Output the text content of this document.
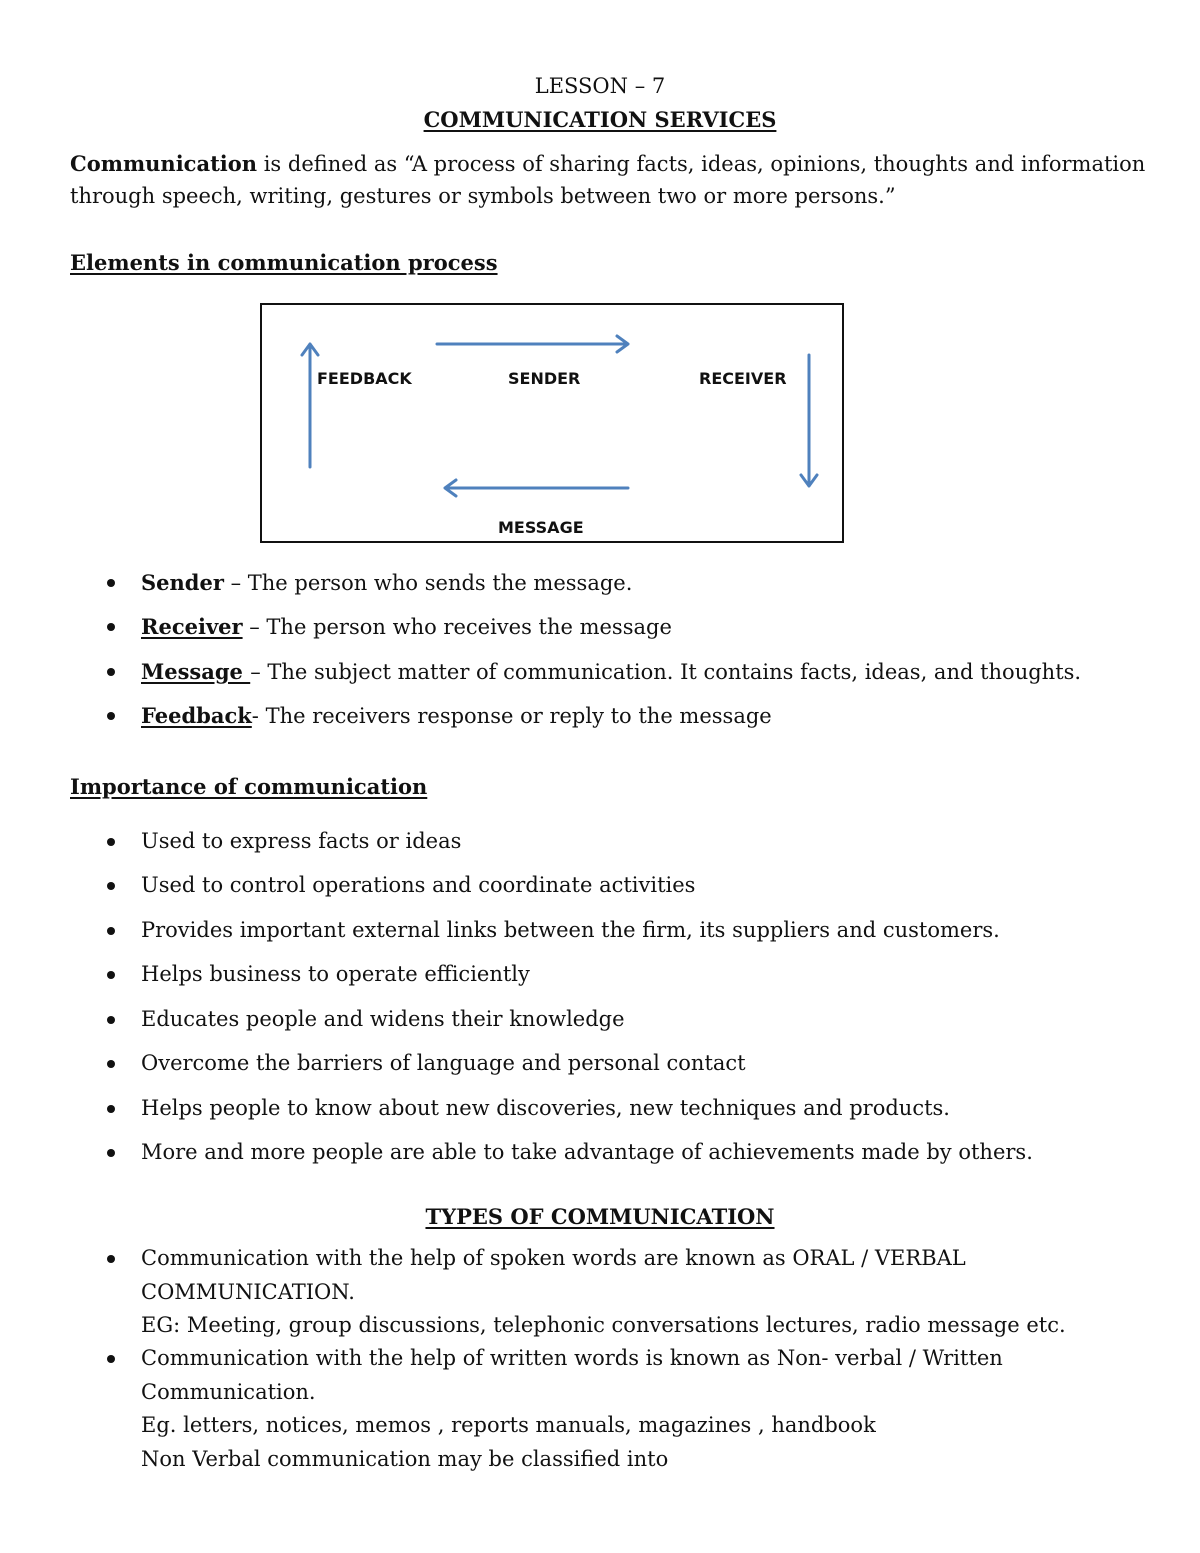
LESSON – 7
COMMUNICATION SERVICES
Communication is defined as “A process of sharing facts, ideas, opinions, thoughts and information
through speech, writing, gestures or symbols between two or more persons.”
Elements in communication process
FEEDBACK	SENDER	RECEIVER
MESSAGE
Sender – The person who sends the message.
Receiver – The person who receives the message
Message – The subject matter of communication. It contains facts, ideas, and thoughts.
Feedback- The receivers response or reply to the message
Importance of communication
Used to express facts or ideas
Used to control operations and coordinate activities
Provides important external links between the firm, its suppliers and customers.
Helps business to operate efficiently
Educates people and widens their knowledge
Overcome the barriers of language and personal contact
Helps people to know about new discoveries, new techniques and products.
More and more people are able to take advantage of achievements made by others.
TYPES OF COMMUNICATION
Communication with the help of spoken words are known as ORAL / VERBAL
COMMUNICATION.
EG: Meeting, group discussions, telephonic conversations lectures, radio message etc.
Communication with the help of written words is known as Non- verbal / Written
Communication.
Eg. letters, notices, memos , reports manuals, magazines , handbook
Non Verbal communication may be classified into
